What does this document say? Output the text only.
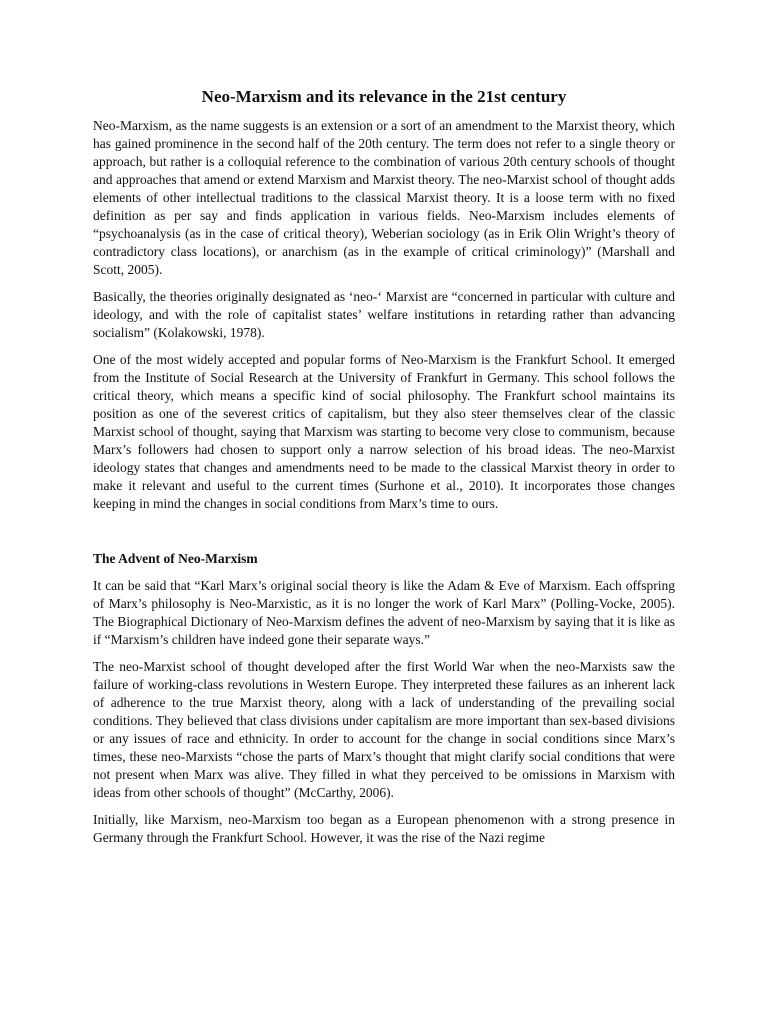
Neo-Marxism and its relevance in the 21st century

Neo-Marxism, as the name suggests is an extension or a sort of an amendment to the Marxist theory, which has gained prominence in the second half of the 20th century. The term does not refer to a single theory or approach, but rather is a colloquial reference to the combination of various 20th century schools of thought and approaches that amend or extend Marxism and Marxist theory. The neo-Marxist school of thought adds elements of other intellectual traditions to the classical Marxist theory. It is a loose term with no fixed definition as per say and finds application in various fields. Neo-Marxism includes elements of “psychoanalysis (as in the case of critical theory), Weberian sociology (as in Erik Olin Wright’s theory of contradictory class locations), or anarchism (as in the example of critical criminology)” (Marshall and Scott, 2005).

Basically, the theories originally designated as ‘neo-‘ Marxist are “concerned in particular with culture and ideology, and with the role of capitalist states’ welfare institutions in retarding rather than advancing socialism” (Kolakowski, 1978).

One of the most widely accepted and popular forms of Neo-Marxism is the Frankfurt School. It emerged from the Institute of Social Research at the University of Frankfurt in Germany. This school follows the critical theory, which means a specific kind of social philosophy. The Frankfurt school maintains its position as one of the severest critics of capitalism, but they also steer themselves clear of the classic Marxist school of thought, saying that Marxism was starting to become very close to communism, because Marx’s followers had chosen to support only a narrow selection of his broad ideas. The neo-Marxist ideology states that changes and amendments need to be made to the classical Marxist theory in order to make it relevant and useful to the current times (Surhone et al., 2010). It incorporates those changes keeping in mind the changes in social conditions from Marx’s time to ours.

The Advent of Neo-Marxism

It can be said that “Karl Marx’s original social theory is like the Adam & Eve of Marxism. Each offspring of Marx’s philosophy is Neo-Marxistic, as it is no longer the work of Karl Marx” (Polling-Vocke, 2005). The Biographical Dictionary of Neo-Marxism defines the advent of neo-Marxism by saying that it is like as if “Marxism’s children have indeed gone their separate ways.”

The neo-Marxist school of thought developed after the first World War when the neo-Marxists saw the failure of working-class revolutions in Western Europe. They interpreted these failures as an inherent lack of adherence to the true Marxist theory, along with a lack of understanding of the prevailing social conditions. They believed that class divisions under capitalism are more important than sex-based divisions or any issues of race and ethnicity. In order to account for the change in social conditions since Marx’s times, these neo-Marxists “chose the parts of Marx’s thought that might clarify social conditions that were not present when Marx was alive. They filled in what they perceived to be omissions in Marxism with ideas from other schools of thought” (McCarthy, 2006).

Initially, like Marxism, neo-Marxism too began as a European phenomenon with a strong presence in Germany through the Frankfurt School. However, it was the rise of the Nazi regime
